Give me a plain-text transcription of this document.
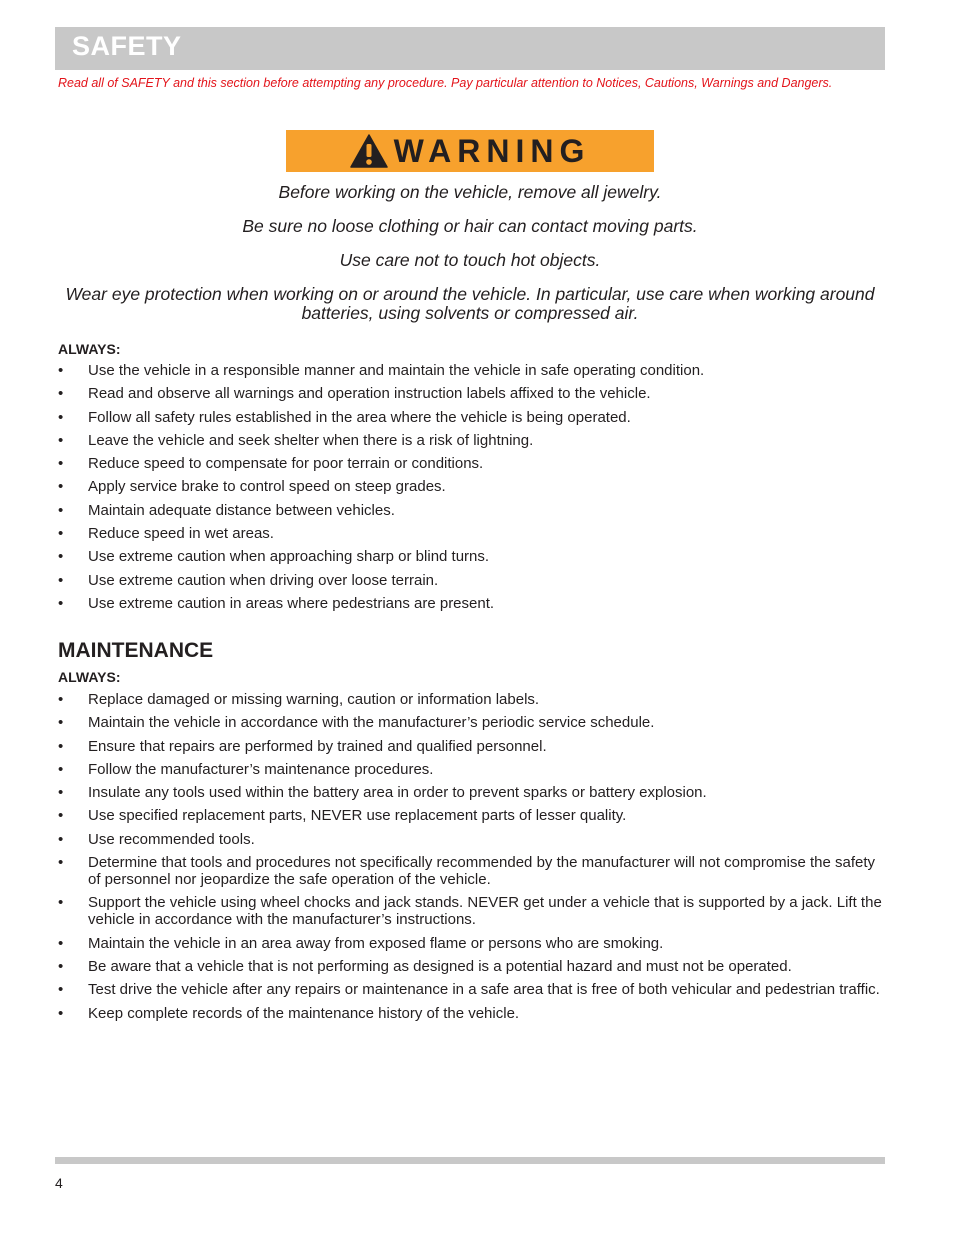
SAFETY
Read all of SAFETY and this section before attempting any procedure. Pay particular attention to Notices, Cautions, Warnings and Dangers.
WARNING

Before working on the vehicle, remove all jewelry.

Be sure no loose clothing or hair can contact moving parts.

Use care not to touch hot objects.

Wear eye protection when working on or around the vehicle. In particular, use care when working around batteries, using solvents or compressed air.

ALWAYS:
• Use the vehicle in a responsible manner and maintain the vehicle in safe operating condition.
• Read and observe all warnings and operation instruction labels affixed to the vehicle.
• Follow all safety rules established in the area where the vehicle is being operated.
• Leave the vehicle and seek shelter when there is a risk of lightning.
• Reduce speed to compensate for poor terrain or conditions.
• Apply service brake to control speed on steep grades.
• Maintain adequate distance between vehicles.
• Reduce speed in wet areas.
• Use extreme caution when approaching sharp or blind turns.
• Use extreme caution when driving over loose terrain.
• Use extreme caution in areas where pedestrians are present.
MAINTENANCE
ALWAYS:
• Replace damaged or missing warning, caution or information labels.
• Maintain the vehicle in accordance with the manufacturer’s periodic service schedule.
• Ensure that repairs are performed by trained and qualified personnel.
• Follow the manufacturer’s maintenance procedures.
• Insulate any tools used within the battery area in order to prevent sparks or battery explosion.
• Use specified replacement parts, NEVER use replacement parts of lesser quality.
• Use recommended tools.
• Determine that tools and procedures not specifically recommended by the manufacturer will not compromise the safety of personnel nor jeopardize the safe operation of the vehicle.
• Support the vehicle using wheel chocks and jack stands. NEVER get under a vehicle that is supported by a jack. Lift the vehicle in accordance with the manufacturer’s instructions.
• Maintain the vehicle in an area away from exposed flame or persons who are smoking.
• Be aware that a vehicle that is not performing as designed is a potential hazard and must not be operated.
• Test drive the vehicle after any repairs or maintenance in a safe area that is free of both vehicular and pedestrian traffic.
• Keep complete records of the maintenance history of the vehicle.
4
